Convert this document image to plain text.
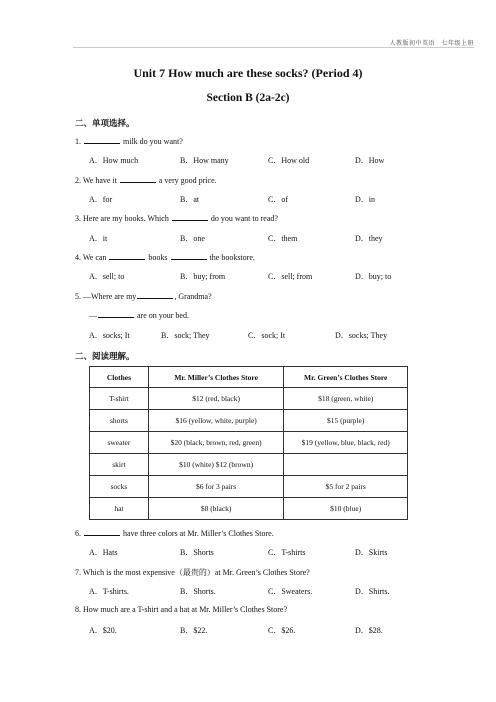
人教版初中英语　七年级上册
Unit 7 How much are these socks? (Period 4)
Section B (2a-2c)
二、单项选择。
1.	milk do you want?
A．How much	B．How many	C．How old	D．How
2. We have it	a very good price.
A．for	B．at	C．of	D．in
3. Here are my books. Which	do you want to read?
A．it	B．one	C．them	D．they
4. We can	books	the bookstore.
A．sell; to	B．buy; from	C．sell; from	D．buy; to
5. —Where are my	, Grandma?
—	are on your bed.
A．socks; It	B．sock; They	C．sock; It	D．socks; They
二、阅读理解。
Clothes	Mr. Miller’s Clothes Store	Mr. Green’s Clothes Store
T-shirt	$12 (red, black)	$18 (green, white)
shorts	$16 (yellow, white, purple)	$15 (purple)
sweater	$20 (black, brown, red, green)	$19 (yellow, blue, black, red)
skirt	$10 (white) $12 (brown)	
socks	$6 for 3 pairs	$5 for 2 pairs
hat	$8 (black)	$10 (blue)
6.	have three colors at Mr. Miller’s Clothes Store.
A．Hats	B．Shorts	C．T-shirts	D．Skirts
7. Which is the most expensive（最贵的）at Mr. Green’s Clothes Store?
A．T-shirts.	B．Shorts.	C．Sweaters.	D．Shirts.
8. How much are a T-shirt and a hat at Mr. Miller’s Clothes Store?
A．$20.	B．$22.	C．$26.	D．$28.
